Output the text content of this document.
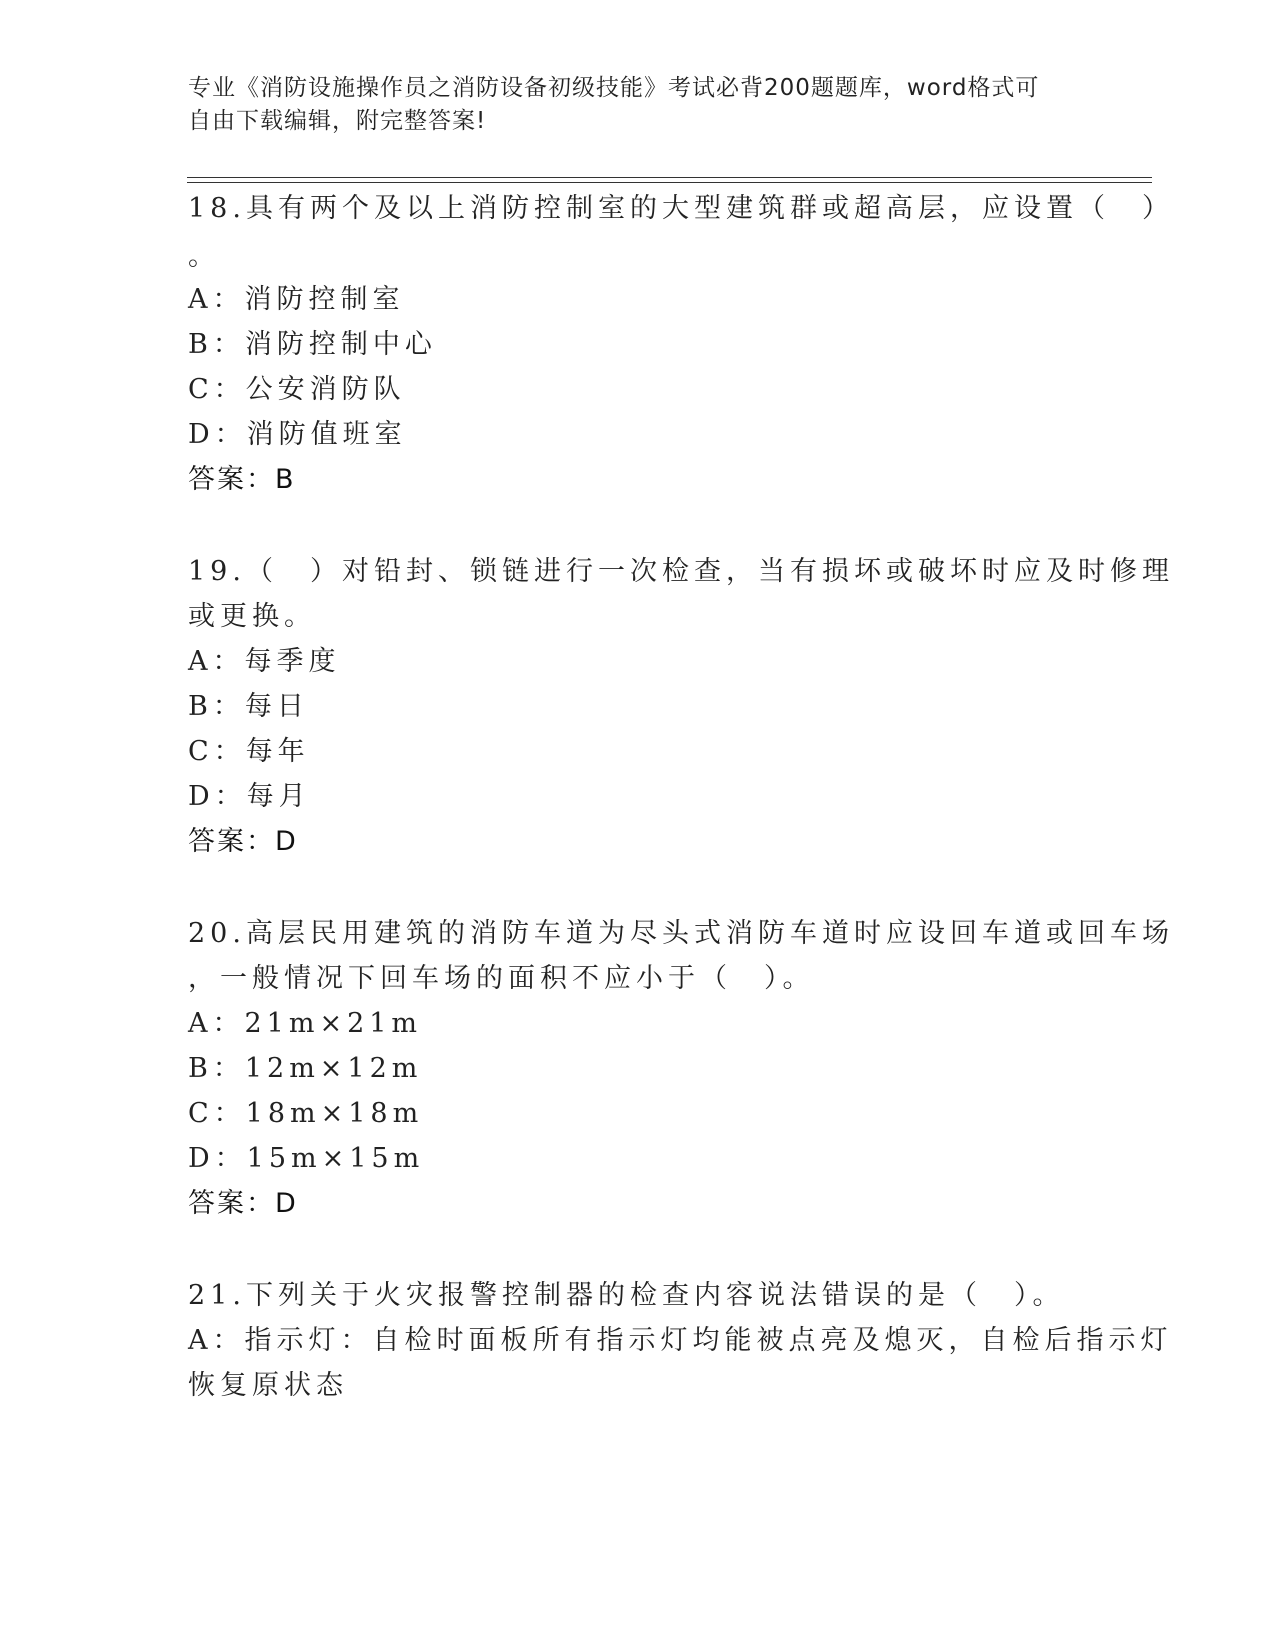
专业《消防设施操作员之消防设备初级技能》考试必背200题题库，word格式可
自由下载编辑，附完整答案!
18.具有两个及以上消防控制室的大型建筑群或超高层，应设置（　）
。
A：消防控制室
B：消防控制中心
C：公安消防队
D：消防值班室
答案：B
19.（　）对铅封、锁链进行一次检查，当有损坏或破坏时应及时修理
或更换。
A：每季度
B：每日
C：每年
D：每月
答案：D
20.高层民用建筑的消防车道为尽头式消防车道时应设回车道或回车场
，一般情况下回车场的面积不应小于（　）。
A：21m×21m
B：12m×12m
C：18m×18m
D：15m×15m
答案：D
21.下列关于火灾报警控制器的检查内容说法错误的是（　）。
A：指示灯：自检时面板所有指示灯均能被点亮及熄灭，自检后指示灯
恢复原状态
